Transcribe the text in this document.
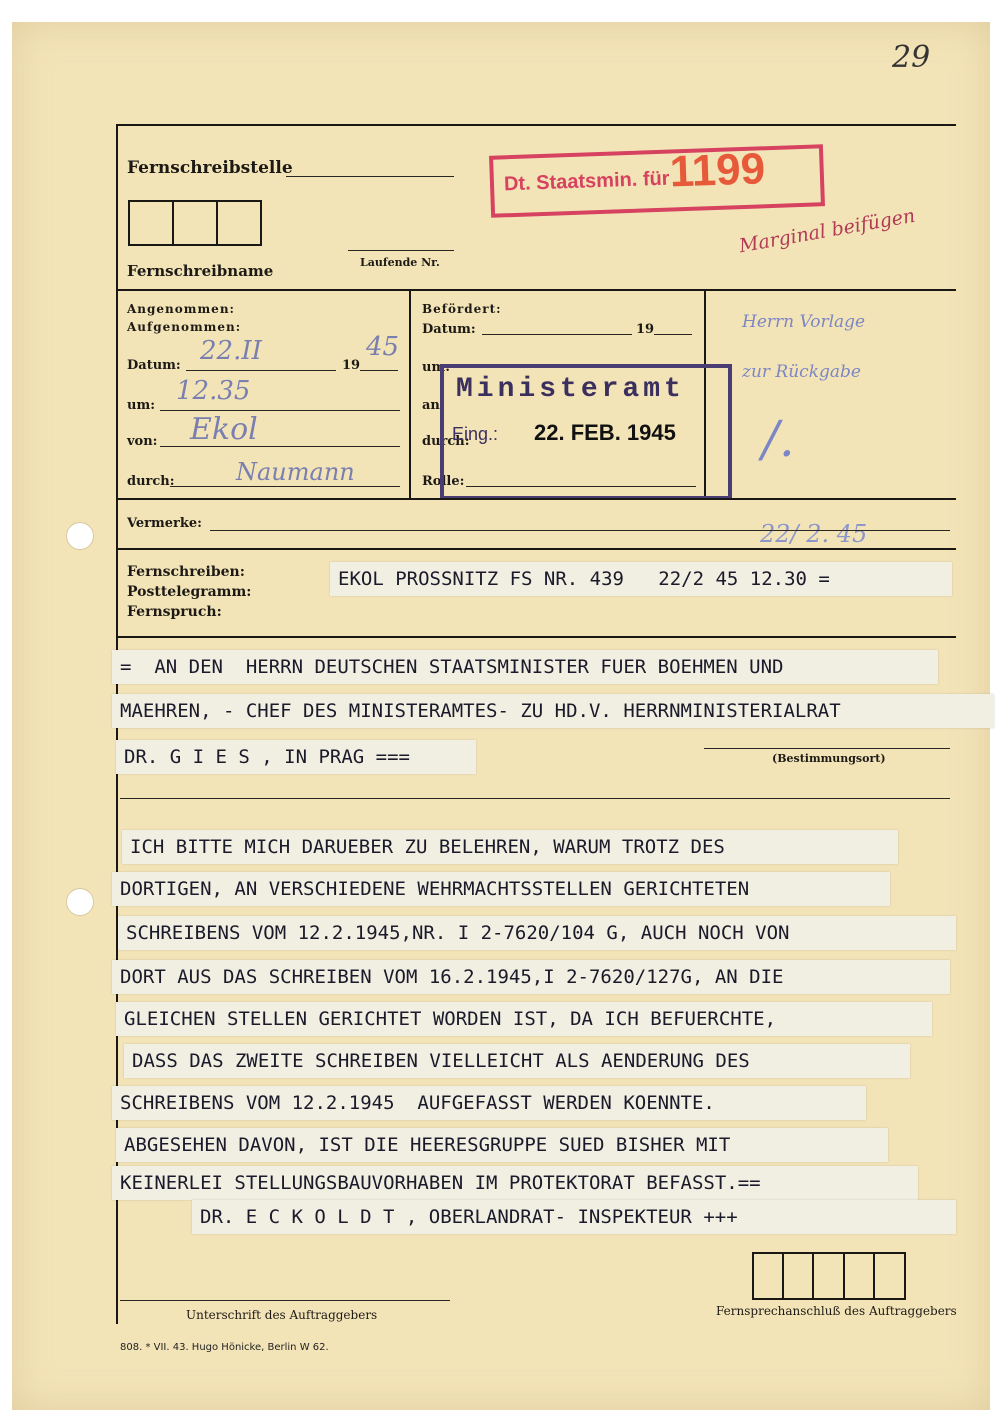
29
Fernschreibstelle
Fernschreibname	Laufende Nr.
Dt. Staatsmin. für
1199
Marginal beifügen
Angenommen:
Aufgenommen:
Datum: 22.II	19
45
um: 12.35
von: Ekol
durch:	Naumann
Befördert:
Datum:	19
um:
an:
durch:
Rolle:
Ministeramt
Eing.: 22. FEB. 1945
Herrn Vorlage
zur Rückgabe
/.
22/ 2. 45
Vermerke:
Fernschreiben:
Posttelegramm:
Fernspruch:
EKOL PROSSNITZ FS NR. 439   22/2 45 12.30 =
=  AN DEN  HERRN DEUTSCHEN STAATSMINISTER FUER BOEHMEN UND
MAEHREN, - CHEF DES MINISTERAMTES- ZU HD.V. HERRNMINISTERIALRAT
DR. G I E S , IN PRAG ===	(Bestimmungsort)
ICH BITTE MICH DARUEBER ZU BELEHREN, WARUM TROTZ DES
DORTIGEN, AN VERSCHIEDENE WEHRMACHTSSTELLEN GERICHTETEN
SCHREIBENS VOM 12.2.1945,NR. I 2-7620/104 G, AUCH NOCH VON
DORT AUS DAS SCHREIBEN VOM 16.2.1945,I 2-7620/127G, AN DIE
GLEICHEN STELLEN GERICHTET WORDEN IST, DA ICH BEFUERCHTE,
DASS DAS ZWEITE SCHREIBEN VIELLEICHT ALS AENDERUNG DES
SCHREIBENS VOM 12.2.1945  AUFGEFASST WERDEN KOENNTE.
ABGESEHEN DAVON, IST DIE HEERESGRUPPE SUED BISHER MIT
KEINERLEI STELLUNGSBAUVORHABEN IM PROTEKTORAT BEFASST.==
DR. E C K O L D T , OBERLANDRAT- INSPEKTEUR +++
Unterschrift des Auftraggebers	Fernsprechanschluß des Auftraggebers
808. * VII. 43. Hugo Hönicke, Berlin W 62.
